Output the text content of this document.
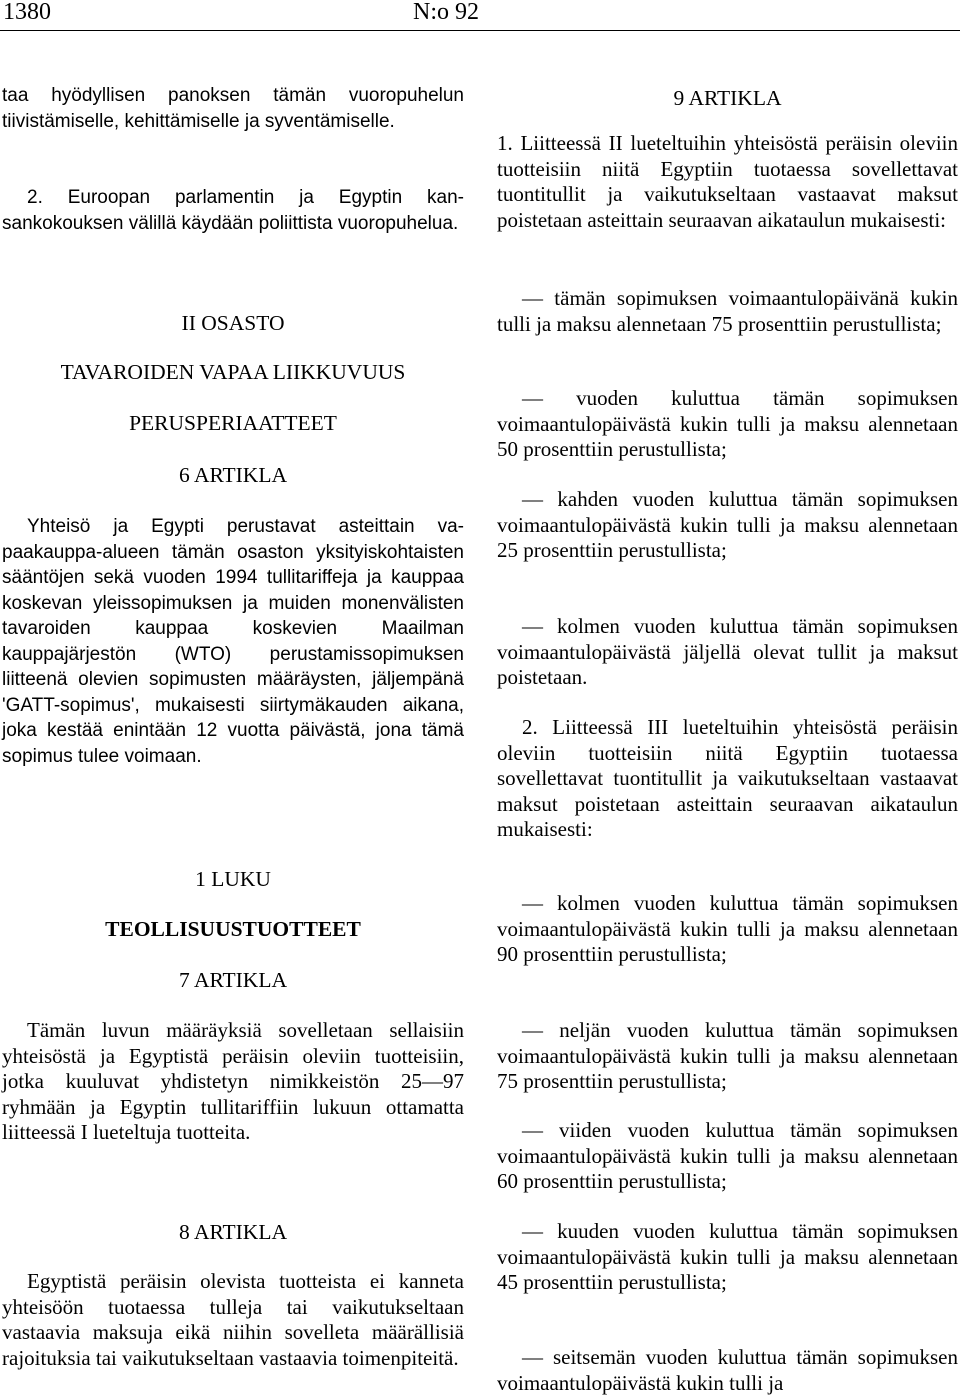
1380	N:o 92

taa hyödyllisen panoksen tämän vuoropuhelun tiivistämiselle, kehittämiselle ja syventämiselle.

2. Euroopan parlamentin ja Egyptin kansankokouksen välillä käydään poliittista vuoropuhelua.

II OSASTO
TAVAROIDEN VAPAA LIIKKUVUUS
PERUSPERIAATTEET
6 ARTIKLA

Yhteisö ja Egypti perustavat asteittain vapaakauppa-alueen tämän osaston yksityiskohtaisten sääntöjen sekä vuoden 1994 tullitariffeja ja kauppaa koskevan yleissopimuksen ja muiden monenvälisten tavaroiden kauppaa koskevien Maailman kauppajärjestön (WTO) perustamissopimuksen liitteenä olevien sopimusten määräysten, jäljempänä 'GATT-sopimus', mukaisesti siirtymäkauden aikana, joka kestää enintään 12 vuotta päivästä, jona tämä sopimus tulee voimaan.

1 LUKU
TEOLLISUUSTUOTTEET
7 ARTIKLA

Tämän luvun määräyksiä sovelletaan sellaisiin yhteisöstä ja Egyptistä peräisin oleviin tuotteisiin, jotka kuuluvat yhdistetyn nimikkeistön 25—97 ryhmään ja Egyptin tullitariffiin lukuun ottamatta liitteessä I lueteltuja tuotteita.

8 ARTIKLA

Egyptistä peräisin olevista tuotteista ei kanneta yhteisöön tuotaessa tulleja tai vaikutukseltaan vastaavia maksuja eikä niihin sovelleta määrällisiä rajoituksia tai vaikutukseltaan vastaavia toimenpiteitä.

9 ARTIKLA

1. Liitteessä II lueteltuihin yhteisöstä peräisin oleviin tuotteisiin niitä Egyptiin tuotaessa sovellettavat tuontitullit ja vaikutukseltaan vastaavat maksut poistetaan asteittain seuraavan aikataulun mukaisesti:

— tämän sopimuksen voimaantulopäivänä kukin tulli ja maksu alennetaan 75 prosenttiin perustullista;

— vuoden kuluttua tämän sopimuksen voimaantulopäivästä kukin tulli ja maksu alennetaan 50 prosenttiin perustullista;

— kahden vuoden kuluttua tämän sopimuksen voimaantulopäivästä kukin tulli ja maksu alennetaan 25 prosenttiin perustullista;

— kolmen vuoden kuluttua tämän sopimuksen voimaantulopäivästä jäljellä olevat tullit ja maksut poistetaan.

2. Liitteessä III lueteltuihin yhteisöstä peräisin oleviin tuotteisiin niitä Egyptiin tuotaessa sovellettavat tuontitullit ja vaikutukseltaan vastaavat maksut poistetaan asteittain seuraavan aikataulun mukaisesti:

— kolmen vuoden kuluttua tämän sopimuksen voimaantulopäivästä kukin tulli ja maksu alennetaan 90 prosenttiin perustullista;

— neljän vuoden kuluttua tämän sopimuksen voimaantulopäivästä kukin tulli ja maksu alennetaan 75 prosenttiin perustullista;

— viiden vuoden kuluttua tämän sopimuksen voimaantulopäivästä kukin tulli ja maksu alennetaan 60 prosenttiin perustullista;

— kuuden vuoden kuluttua tämän sopimuksen voimaantulopäivästä kukin tulli ja maksu alennetaan 45 prosenttiin perustullista;

— seitsemän vuoden kuluttua tämän sopimuksen voimaantulopäivästä kukin tulli ja
